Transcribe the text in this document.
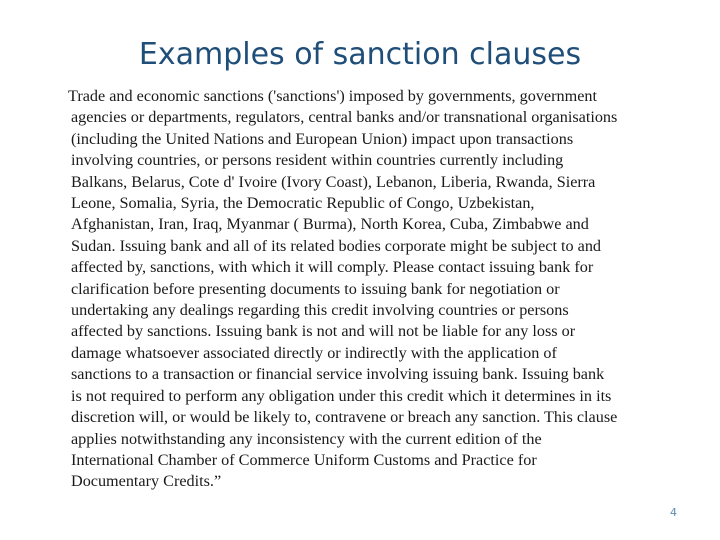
Examples of sanction clauses
Trade and economic sanctions ('sanctions') imposed by governments, government
agencies or departments, regulators, central banks and/or transnational organisations
(including the United Nations and European Union) impact upon transactions
involving countries, or persons resident within countries currently including
Balkans, Belarus, Cote d' Ivoire (Ivory Coast), Lebanon, Liberia, Rwanda, Sierra
Leone, Somalia, Syria, the Democratic Republic of Congo, Uzbekistan,
Afghanistan, Iran, Iraq, Myanmar ( Burma), North Korea, Cuba, Zimbabwe and
Sudan. Issuing bank and all of its related bodies corporate might be subject to and
affected by, sanctions, with which it will comply. Please contact issuing bank for
clarification before presenting documents to issuing bank for negotiation or
undertaking any dealings regarding this credit involving countries or persons
affected by sanctions. Issuing bank is not and will not be liable for any loss or
damage whatsoever associated directly or indirectly with the application of
sanctions to a transaction or financial service involving issuing bank. Issuing bank
is not required to perform any obligation under this credit which it determines in its
discretion will, or would be likely to, contravene or breach any sanction. This clause
applies notwithstanding any inconsistency with the current edition of the
International Chamber of Commerce Uniform Customs and Practice for
Documentary Credits.”
4
